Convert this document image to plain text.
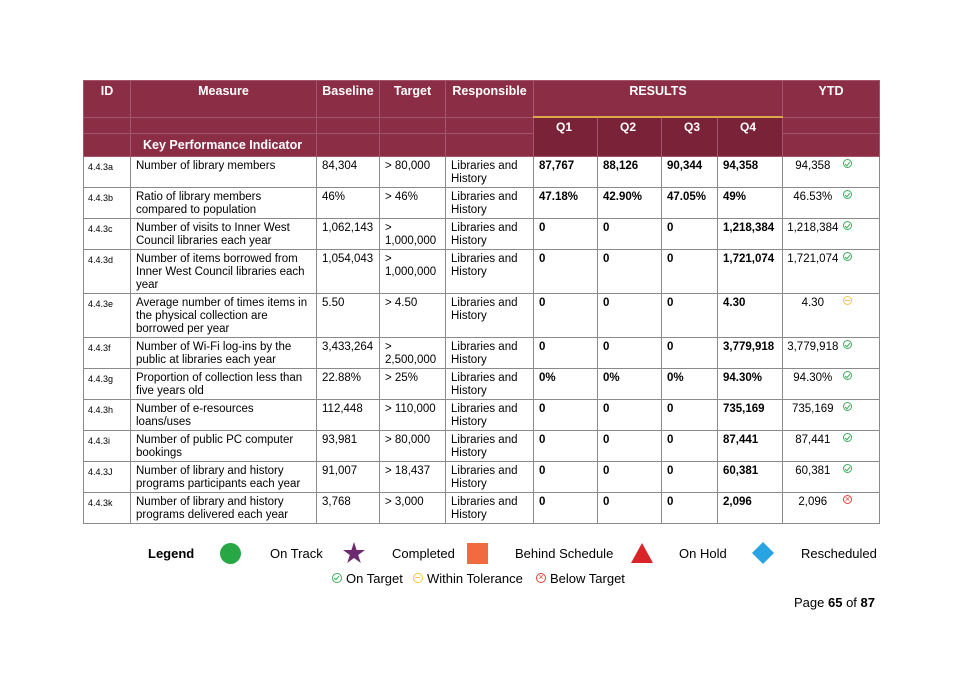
ID	Measure	Baseline	Target	Responsible	RESULTS				YTD	
					Q1	Q2	Q3	Q4		
	Key Performance Indicator									
4.4.3a	Number of library members	84,304	> 80,000	Libraries and History	87,767	88,126	90,344	94,358	94,358	
4.4.3b	Ratio of library members compared to population	46%	> 46%	Libraries and History	47.18%	42.90%	47.05%	49%	46.53%	
4.4.3c	Number of visits to Inner West Council libraries each year	1,062,143	> 1,000,000	Libraries and History	0	0	0	1,218,384	1,218,384	
4.4.3d	Number of items borrowed from Inner West Council libraries each year	1,054,043	> 1,000,000	Libraries and History	0	0	0	1,721,074	1,721,074	
4.4.3e	Average number of times items in the physical collection are borrowed per year	5.50	> 4.50	Libraries and History	0	0	0	4.30	4.30	
4.4.3f	Number of Wi-Fi log-ins by the public at libraries each year	3,433,264	> 2,500,000	Libraries and History	0	0	0	3,779,918	3,779,918	
4.4.3g	Proportion of collection less than five years old	22.88%	> 25%	Libraries and History	0%	0%	0%	94.30%	94.30%	
4.4.3h	Number of e-resources loans/uses	112,448	> 110,000	Libraries and History	0	0	0	735,169	735,169	
4.4.3i	Number of public PC computer bookings	93,981	> 80,000	Libraries and History	0	0	0	87,441	87,441	
4.4.3J	Number of library and history programs participants each year	91,007	> 18,437	Libraries and History	0	0	0	60,381	60,381	
4.4.3k	Number of library and history programs delivered each year	3,768	> 3,000	Libraries and History	0	0	0	2,096	2,096	×
Legend	On Track	Completed	Behind Schedule	On Hold	Rescheduled
On Target Within Tolerance × Below Target
Page 65 of 87
